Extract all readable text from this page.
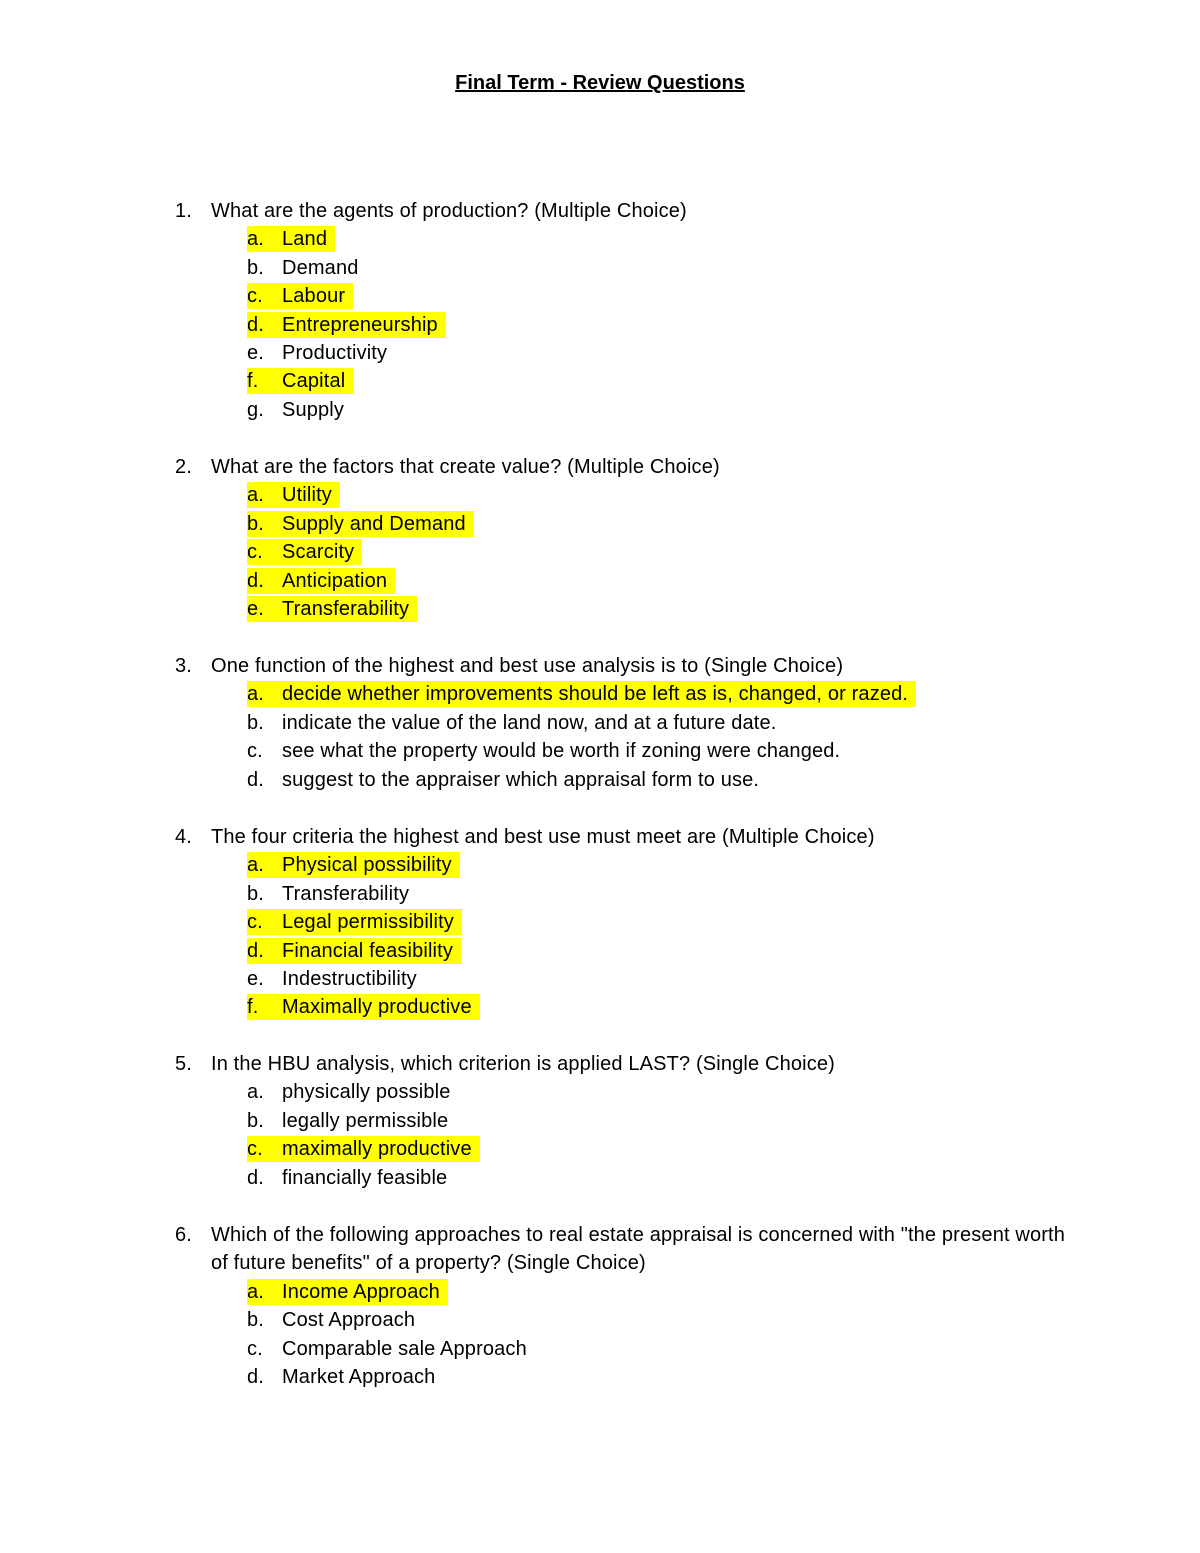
Final Term - Review Questions
1. What are the agents of production? (Multiple Choice)
a. Land
b. Demand
c. Labour
d. Entrepreneurship
e. Productivity
f. Capital
g. Supply
2. What are the factors that create value? (Multiple Choice)
a. Utility
b. Supply and Demand
c. Scarcity
d. Anticipation
e. Transferability
3. One function of the highest and best use analysis is to (Single Choice)
a. decide whether improvements should be left as is, changed, or razed.
b. indicate the value of the land now, and at a future date.
c. see what the property would be worth if zoning were changed.
d. suggest to the appraiser which appraisal form to use.
4. The four criteria the highest and best use must meet are (Multiple Choice)
a. Physical possibility
b. Transferability
c. Legal permissibility
d. Financial feasibility
e. Indestructibility
f. Maximally productive
5. In the HBU analysis, which criterion is applied LAST? (Single Choice)
a. physically possible
b. legally permissible
c. maximally productive
d. financially feasible
6. Which of the following approaches to real estate appraisal is concerned with "the present worth of future benefits" of a property? (Single Choice)
a. Income Approach
b. Cost Approach
c. Comparable sale Approach
d. Market Approach
